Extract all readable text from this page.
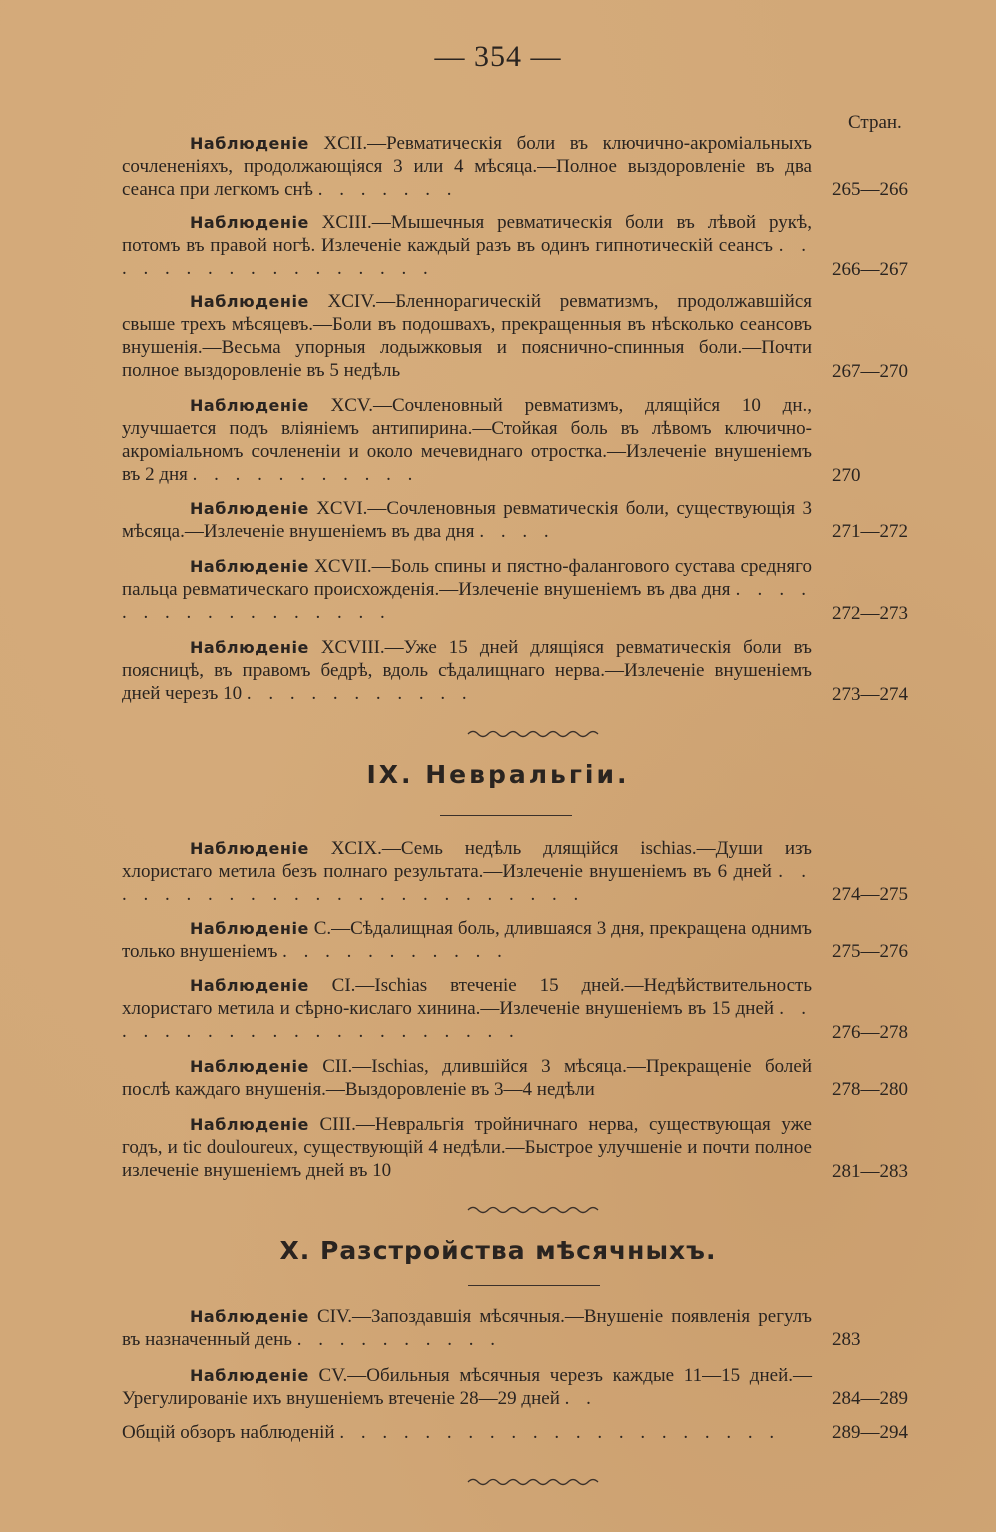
— 354 —
Стран.
Наблюденіе XCII.—Ревматическія боли въ ключично-акроміальныхъ сочлененіяхъ, продолжающіяся 3 или 4 мѣсяца.—Полное выздоровленіе въ два сеанса при легкомъ снѣ . . . . . . .	265—266
Наблюденіе XCIII.—Мышечныя ревматическія боли въ лѣвой рукѣ, потомъ въ правой ногѣ. Излеченіе каждый разъ въ одинъ гипнотическій сеансъ . . . . . . . . . . . . . . . . .	266—267
Наблюденіе XCIV.—Бленнорагическій ревматизмъ, продолжавшійся свыше трехъ мѣсяцевъ.—Боли въ подошвахъ, прекращенныя въ нѣсколько сеансовъ внушенія.—Весьма упорныя лодыжковыя и пояснично-спинныя боли.—Почти полное выздоровленіе въ 5 недѣль	267—270
Наблюденіе XCV.—Сочленовный ревматизмъ, длящійся 10 дн., улучшается подъ вліяніемъ антипирина.—Стойкая боль въ лѣвомъ ключично-акроміальномъ сочлененіи и около мечевиднаго отростка.—Излеченіе внушеніемъ въ 2 дня . . . . . . . . . . .	270
Наблюденіе XCVI.—Сочленовныя ревматическія боли, существующія 3 мѣсяца.—Излеченіе внушеніемъ въ два дня . . . .	271—272
Наблюденіе XCVII.—Боль спины и пястно-фалангового сустава средняго пальца ревматическаго происхожденія.—Излеченіе внушеніемъ въ два дня . . . . . . . . . . . . . . . . .	272—273
Наблюденіе XCVIII.—Уже 15 дней длящіяся ревматическія боли въ поясницѣ, въ правомъ бедрѣ, вдоль сѣдалищнаго нерва.—Излеченіе внушеніемъ дней черезъ 10 . . . . . . . . . . .	273—274
IX. Невральгіи.
Наблюденіе XCIX.—Семь недѣль длящійся ischias.—Души изъ хлористаго метила безъ полнаго результата.—Излеченіе внушеніемъ въ 6 дней . . . . . . . . . . . . . . . . . . . . . . . .	274—275
Наблюденіе C.—Сѣдалищная боль, длившаяся 3 дня, прекращена однимъ только внушеніемъ . . . . . . . . . . .	275—276
Наблюденіе CI.—Ischias втеченіе 15 дней.—Недѣйствительность хлористаго метила и сѣрно-кислаго хинина.—Излеченіе внушеніемъ въ 15 дней . . . . . . . . . . . . . . . . . . . . .	276—278
Наблюденіе CII.—Ischias, длившійся 3 мѣсяца.—Прекращеніе болей послѣ каждаго внушенія.—Выздоровленіе въ 3—4 недѣли	278—280
Наблюденіе CIII.—Невральгія тройничнаго нерва, существующая уже годъ, и tic douloureux, существующій 4 недѣли.—Быстрое улучшеніе и почти полное излеченіе внушеніемъ дней въ 10	281—283
X. Разстройства мѣсячныхъ.
Наблюденіе CIV.—Запоздавшія мѣсячныя.—Внушеніе появленія регулъ въ назначенный день . . . . . . . . . .	283
Наблюденіе CV.—Обильныя мѣсячныя черезъ каждые 11—15 дней.—Урегулированіе ихъ внушеніемъ втеченіе 28—29 дней . .	284—289
Общій обзоръ наблюденій . . . . . . . . . . . . . . . . . . . . .	289—294
